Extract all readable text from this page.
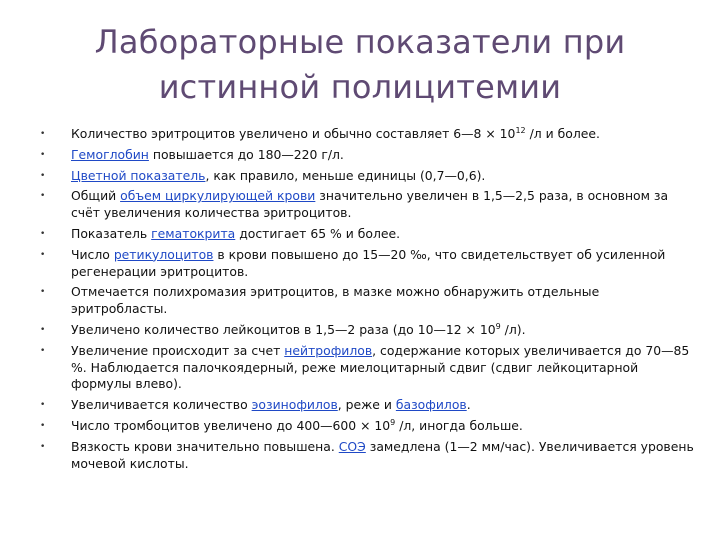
Лабораторные показатели при
истинной полицитемии
• Количество эритроцитов увеличено и обычно составляет 6—8 × $10^{12}$ /л и более.
• Гемоглобин повышается до 180—220 г/л.
• Цветной показатель, как правило, меньше единицы (0,7—0,6).
• Общий объем циркулирующей крови значительно увеличен в 1,5—2,5 раза, в основном за счёт увеличения количества эритроцитов.
• Показатель гематокрита достигает 65 % и более.
• Число ретикулоцитов в крови повышено до 15—20 ‰, что свидетельствует об усиленной регенерации эритроцитов.
• Отмечается полихромазия эритроцитов, в мазке можно обнаружить отдельные эритробласты.
• Увеличено количество лейкоцитов в 1,5—2 раза (до 10—12 × $10^9$ /л).
• Увеличение происходит за счет нейтрофилов, содержание которых увеличивается до 70—85 %. Наблюдается палочкоядерный, реже миелоцитарный сдвиг (сдвиг лейкоцитарной формулы влево).
• Увеличивается количество эозинофилов, реже и базофилов.
• Число тромбоцитов увеличено до 400—600 × $10^9$ /л, иногда больше.
• Вязкость крови значительно повышена. СОЭ замедлена (1—2 мм/час). Увеличивается уровень мочевой кислоты.
